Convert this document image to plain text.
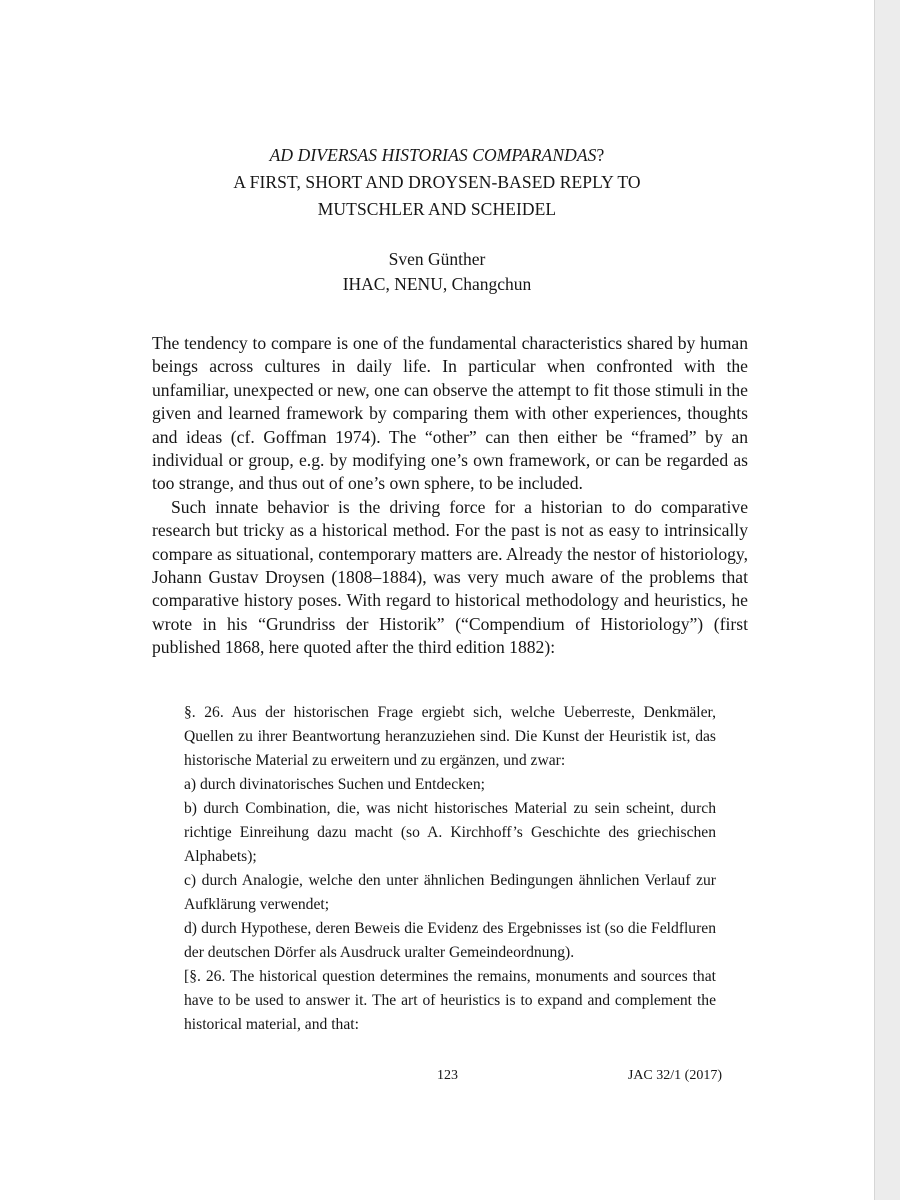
AD DIVERSAS HISTORIAS COMPARANDAS?
A FIRST, SHORT AND DROYSEN-BASED REPLY TO
MUTSCHLER AND SCHEIDEL
Sven Günther
IHAC, NENU, Changchun

The tendency to compare is one of the fundamental characteristics shared by human beings across cultures in daily life. In particular when confronted with the unfamiliar, unexpected or new, one can observe the attempt to fit those stimuli in the given and learned framework by comparing them with other experiences, thoughts and ideas (cf. Goffman 1974). The “other” can then either be “framed” by an individual or group, e.g. by modifying one’s own framework, or can be regarded as too strange, and thus out of one’s own sphere, to be included.

Such innate behavior is the driving force for a historian to do comparative research but tricky as a historical method. For the past is not as easy to intrinsically compare as situational, contemporary matters are. Already the nestor of historiology, Johann Gustav Droysen (1808–1884), was very much aware of the problems that comparative history poses. With regard to historical methodology and heuristics, he wrote in his “Grundriss der Historik” (“Compendium of Historiology”) (first published 1868, here quoted after the third edition 1882):

§. 26. Aus der historischen Frage ergiebt sich, welche Ueberreste, Denkmäler, Quellen zu ihrer Beantwortung heranzuziehen sind. Die Kunst der Heuristik ist, das historische Material zu erweitern und zu ergänzen, und zwar:
a) durch divinatorisches Suchen und Entdecken;
b) durch Combination, die, was nicht historisches Material zu sein scheint, durch richtige Einreihung dazu macht (so A. Kirchhoff’s Geschichte des griechischen Alphabets);
c) durch Analogie, welche den unter ähnlichen Bedingungen ähnlichen Verlauf zur Aufklärung verwendet;
d) durch Hypothese, deren Beweis die Evidenz des Ergebnisses ist (so die Feldfluren der deutschen Dörfer als Ausdruck uralter Gemeindeordnung).
[§. 26. The historical question determines the remains, monuments and sources that have to be used to answer it. The art of heuristics is to expand and complement the historical material, and that:
123	JAC 32/1 (2017)
